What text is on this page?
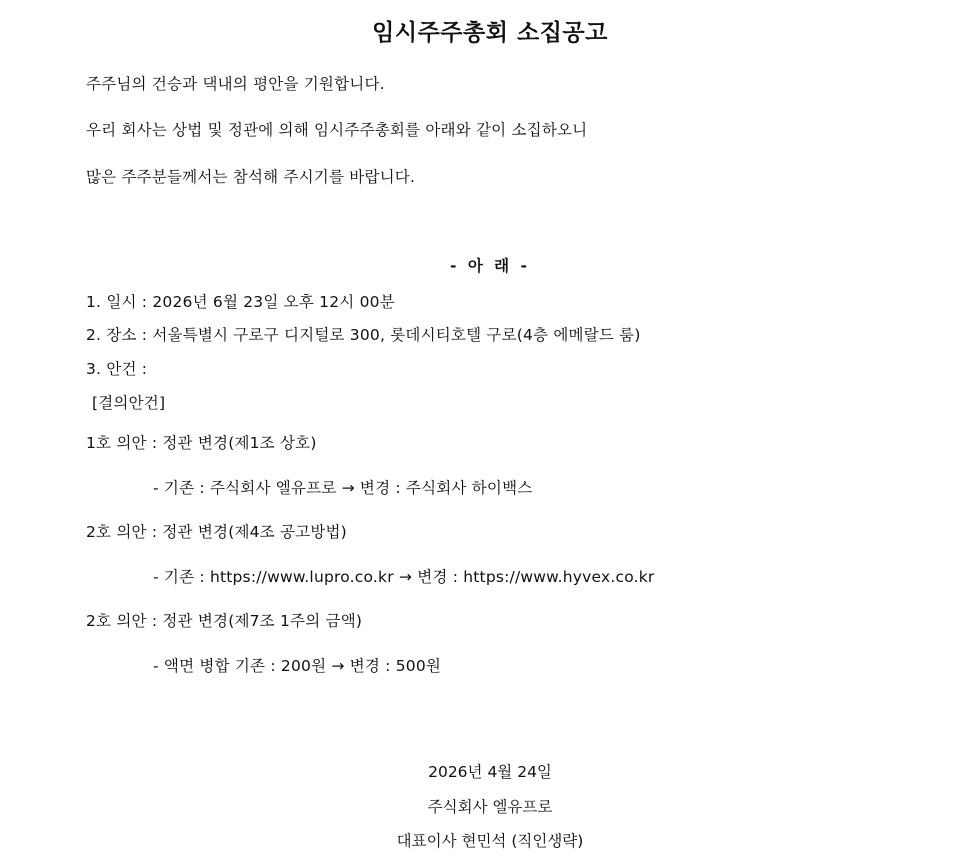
임시주주총회 소집공고
주주님의 건승과 댁내의 평안을 기원합니다.
우리 회사는 상법 및 정관에 의해 임시주주총회를 아래와 같이 소집하오니
많은 주주분들께서는 참석해 주시기를 바랍니다.
- 아 래 -
1. 일시 : 2026년 6월 23일 오후 12시 00분
2. 장소 : 서울특별시 구로구 디지털로 300, 롯데시티호텔 구로(4층 에메랄드 룸)
3. 안건 :
[결의안건]
1호 의안 : 정관 변경(제1조 상호)
- 기존 : 주식회사 엘유프로 → 변경 : 주식회사 하이백스
2호 의안 : 정관 변경(제4조 공고방법)
- 기존 : https://www.lupro.co.kr → 변경 : https://www.hyvex.co.kr
2호 의안 : 정관 변경(제7조 1주의 금액)
- 액면 병합 기존 : 200원 → 변경 : 500원
2026년 4월 24일
주식회사 엘유프로
대표이사 현민석 (직인생략)
